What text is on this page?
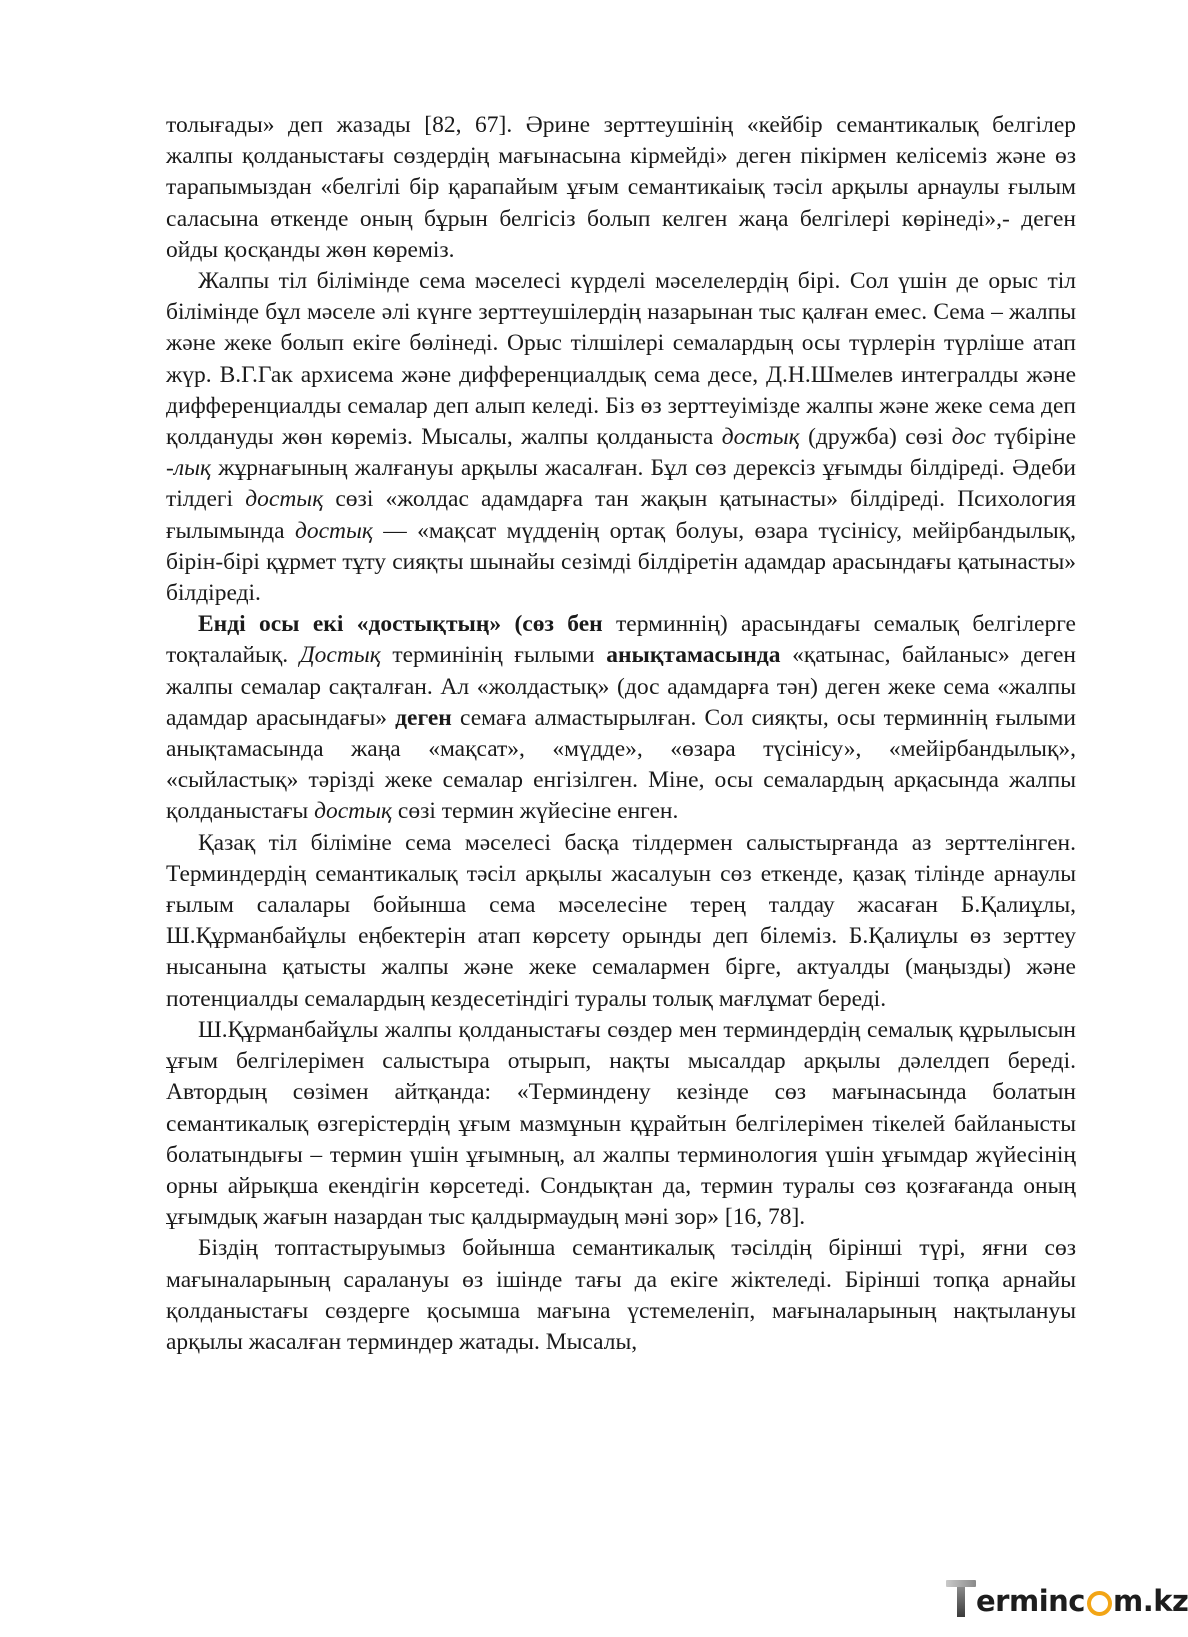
толығады» деп жазады [82, 67]. Әрине зерттеушінің «кейбір семантикалық белгілер жалпы қолданыстағы сөздердің мағынасына кірмейді» деген пікірмен келісеміз және өз тарапымыздан «белгілі бір қарапайым ұғым семантикаіық тәсіл арқылы арнаулы ғылым саласына өткенде оның бұрын белгісіз болып келген жаңа белгілері көрінеді»,- деген ойды қосқанды жөн көреміз.

Жалпы тіл білімінде сема мәселесі күрделі мәселелердің бірі. Сол үшін де орыс тіл білімінде бұл мәселе әлі күнге зерттеушілердің назарынан тыс қалған емес. Сема – жалпы және жеке болып екіге бөлінеді. Орыс тілшілері семалардың осы түрлерін түрліше атап жүр. В.Г.Гак архисема және дифференциалдық сема десе, Д.Н.Шмелев интегралды және дифференциалды семалар деп алып келеді. Біз өз зерттеуімізде жалпы және жеке сема деп қолдануды жөн көреміз. Мысалы, жалпы қолданыста достық (дружба) сөзі дос түбіріне -лық жұрнағының жалғануы арқылы жасалған. Бұл сөз дерексіз ұғымды білдіреді. Әдеби тілдегі достық сөзі «жолдас адамдарға тан жақын қатынасты» білдіреді. Психология ғылымында достық — «мақсат мүдденің ортақ болуы, өзара түсінісу, мейірбандылық, бірін-бірі құрмет тұту сияқты шынайы сезімді білдіретін адамдар арасындағы қатынасты» білдіреді.

Енді осы екі «достықтың» (сөз бен терминнің) арасындағы семалық белгілерге тоқталайық. Достық терминінің ғылыми анықтамасында «қатынас, байланыс» деген жалпы семалар сақталған. Ал «жолдастық» (дос адамдарға тән) деген жеке сема «жалпы адамдар арасындағы» деген семаға алмастырылған. Сол сияқты, осы терминнің ғылыми анықтамасында жаңа «мақсат», «мүдде», «өзара түсінісу», «мейірбандылық», «сыйластық» тәрізді жеке семалар енгізілген. Міне, осы семалардың арқасында жалпы қолданыстағы достық сөзі термин жүйесіне енген.

Қазақ тіл біліміне сема мәселесі басқа тілдермен салыстырғанда аз зерттелінген. Терминдердің семантикалық тәсіл арқылы жасалуын сөз еткенде, қазақ тілінде арнаулы ғылым салалары бойынша сема мәселесіне терең талдау жасаған Б.Қалиұлы, Ш.Құрманбайұлы еңбектерін атап көрсету орынды деп білеміз. Б.Қалиұлы өз зерттеу нысанына қатысты жалпы және жеке семалармен бірге, актуалды (маңызды) және потенциалды семалардың кездесетіндігі туралы толық мағлұмат береді.

Ш.Құрманбайұлы жалпы қолданыстағы сөздер мен терминдердің семалық құрылысын ұғым белгілерімен салыстыра отырып, нақты мысалдар арқылы дәлелдеп береді. Автордың сөзімен айтқанда: «Терминдену кезінде сөз мағынасында болатын семантикалық өзгерістердің ұғым мазмұнын құрайтын белгілерімен тікелей байланысты болатындығы – термин үшін ұғымның, ал жалпы терминология үшін ұғымдар жүйесінің орны айрықша екендігін көрсетеді. Сондықтан да, термин туралы сөз қозғағанда оның ұғымдық жағын назардан тыс қалдырмаудың мәні зор» [16, 78].

Біздің топтастыруымыз бойынша семантикалық тәсілдің бірінші түрі, яғни сөз мағыналарының саралануы өз ішінде тағы да екіге жіктеледі. Бірінші топқа арнайы қолданыстағы сөздерге қосымша мағына үстемеленіп, мағыналарының нақтылануы арқылы жасалған терминдер жатады. Мысалы,

ermin c m.kz
